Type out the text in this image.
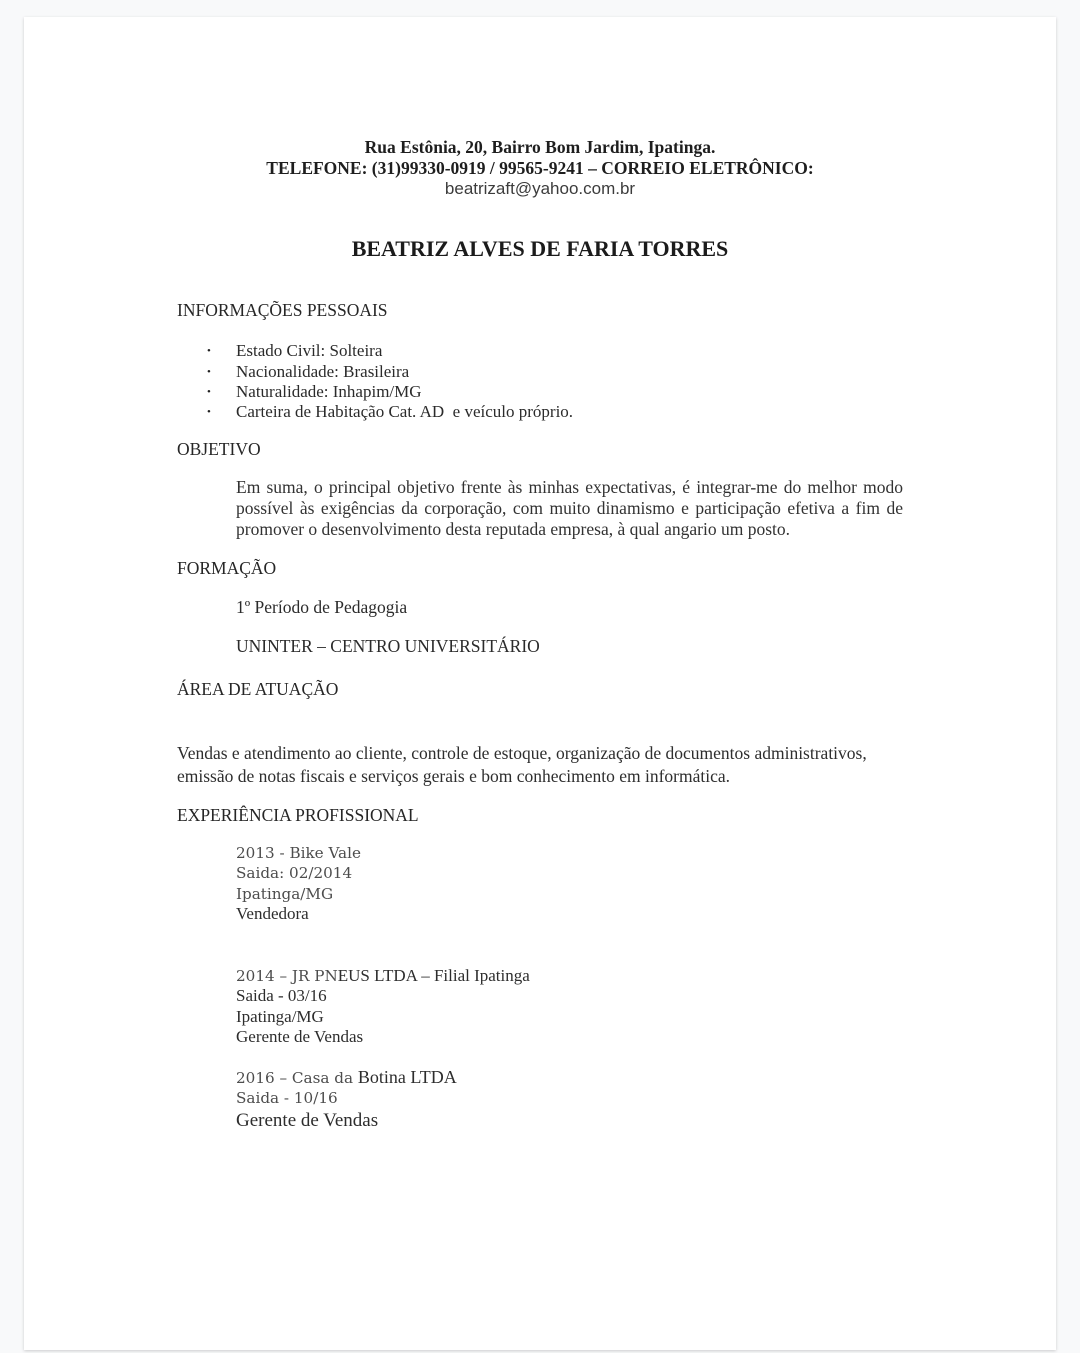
Rua Estônia, 20, Bairro Bom Jardim, Ipatinga.
TELEFONE: (31)99330-0919 / 99565-9241 – CORREIO ELETRÔNICO:
beatrizaft@yahoo.com.br
BEATRIZ ALVES DE FARIA TORRES
INFORMAÇÕES PESSOAIS
•	Estado Civil: Solteira
•	Nacionalidade: Brasileira
•	Naturalidade: Inhapim/MG
•	Carteira de Habitação Cat. AD  e veículo próprio.
OBJETIVO
Em suma, o principal objetivo frente às minhas expectativas, é integrar-me do melhor modo possível às exigências da corporação, com muito dinamismo e participação efetiva a fim de promover o desenvolvimento desta reputada empresa, à qual angario um posto.
FORMAÇÃO
1º Período de Pedagogia
UNINTER – CENTRO UNIVERSITÁRIO
ÁREA DE ATUAÇÃO
Vendas e atendimento ao cliente, controle de estoque, organização de documentos administrativos, emissão de notas fiscais e serviços gerais e bom conhecimento em informática.
EXPERIÊNCIA PROFISSIONAL
2013 - Bike Vale
Saida: 02/2014
Ipatinga/MG
Vendedora
2014 – JR PNEUS LTDA – Filial Ipatinga
Saida - 03/16
Ipatinga/MG
Gerente de Vendas
2016 – Casa da Botina LTDA
Saida - 10/16
Gerente de Vendas
